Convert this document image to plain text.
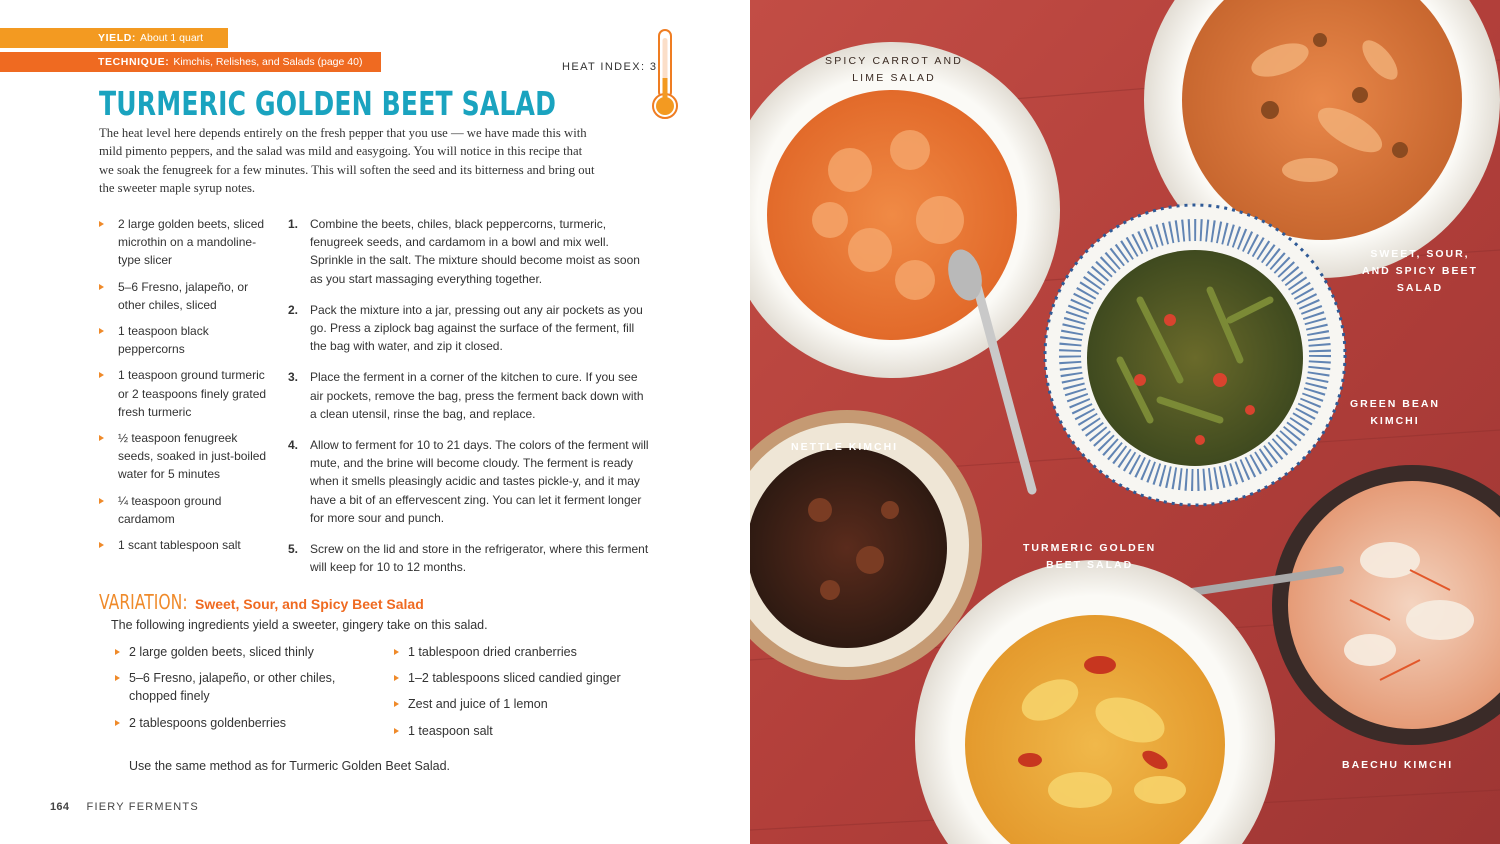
YIELD: About 1 quart
TECHNIQUE: Kimchis, Relishes, and Salads (page 40)	HEAT INDEX: 3
TURMERIC GOLDEN BEET SALAD

The heat level here depends entirely on the fresh pepper that you use — we have made this with mild pimento peppers, and the salad was mild and easygoing. You will notice in this recipe that we soak the fenugreek for a few minutes. This will soften the seed and its bitterness and bring out the sweeter maple syrup notes.

2 large golden beets, sliced microthin on a mandoline-type slicer
5–6 Fresno, jalapeño, or other chiles, sliced
1 teaspoon black peppercorns
1 teaspoon ground turmeric or 2 teaspoons finely grated fresh turmeric
½ teaspoon fenugreek seeds, soaked in just-boiled water for 5 minutes
¼ teaspoon ground cardamom
1 scant tablespoon salt
1. Combine the beets, chiles, black peppercorns, turmeric, fenugreek seeds, and cardamom in a bowl and mix well. Sprinkle in the salt. The mixture should become moist as soon as you start massaging everything together.
2. Pack the mixture into a jar, pressing out any air pockets as you go. Press a ziplock bag against the surface of the ferment, fill the bag with water, and zip it closed.
3. Place the ferment in a corner of the kitchen to cure. If you see air pockets, remove the bag, press the ferment back down with a clean utensil, rinse the bag, and replace.
4. Allow to ferment for 10 to 21 days. The colors of the ferment will mute, and the brine will become cloudy. The ferment is ready when it smells pleasingly acidic and tastes pickle-y, and it may have a bit of an effervescent zing. You can let it ferment longer for more sour and punch.
5. Screw on the lid and store in the refrigerator, where this ferment will keep for 10 to 12 months.
VARIATION: Sweet, Sour, and Spicy Beet Salad

The following ingredients yield a sweeter, gingery take on this salad.

2 large golden beets, sliced thinly
5–6 Fresno, jalapeño, or other chiles, chopped finely
2 tablespoons goldenberries
1 tablespoon dried cranberries
1–2 tablespoons sliced candied ginger
Zest and juice of 1 lemon
1 teaspoon salt

Use the same method as for Turmeric Golden Beet Salad.

164 FIERY FERMENTS
SPICY CARROT AND
LIME SALAD
SWEET, SOUR,
AND SPICY BEET
SALAD
GREEN BEAN
KIMCHI
NETTLE KIMCHI
TURMERIC GOLDEN
BEET SALAD
BAECHU KIMCHI
